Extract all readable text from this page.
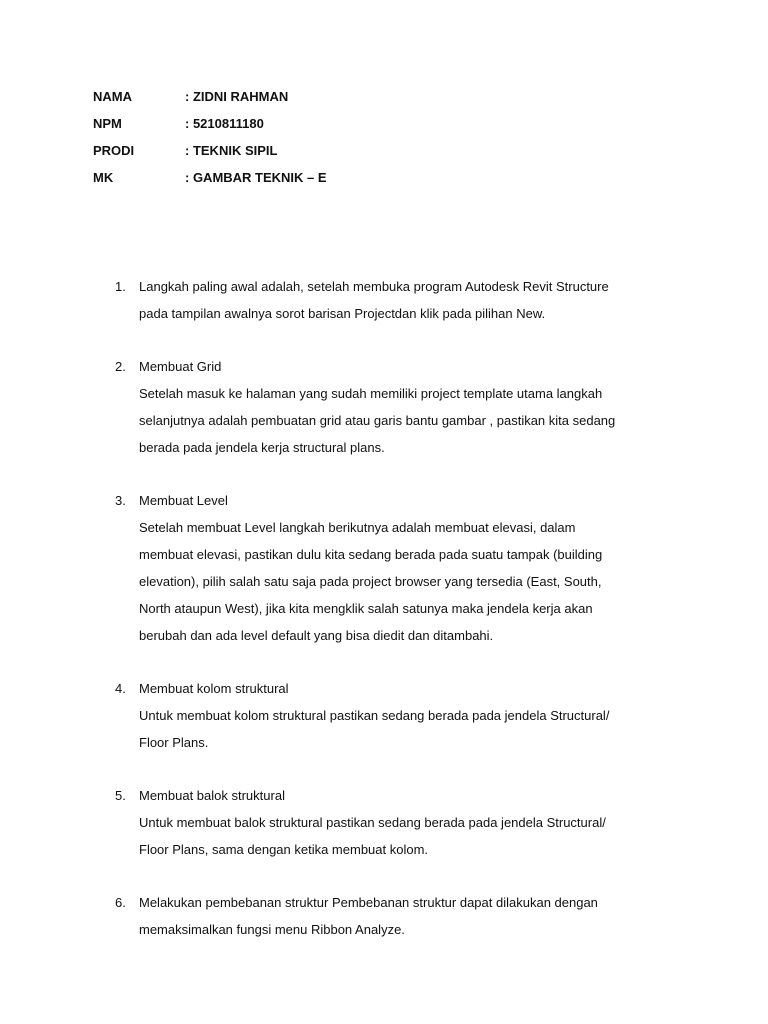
NAMA	: ZIDNI RAHMAN
NPM	: 5210811180
PRODI	: TEKNIK SIPIL
MK	: GAMBAR TEKNIK – E
1. Langkah paling awal adalah, setelah membuka program Autodesk Revit Structure
pada tampilan awalnya sorot barisan Projectdan klik pada pilihan New.
2. Membuat Grid
Setelah masuk ke halaman yang sudah memiliki project template utama langkah
selanjutnya adalah pembuatan grid atau garis bantu gambar , pastikan kita sedang
berada pada jendela kerja structural plans.
3. Membuat Level
Setelah membuat Level langkah berikutnya adalah membuat elevasi, dalam
membuat elevasi, pastikan dulu kita sedang berada pada suatu tampak (building
elevation), pilih salah satu saja pada project browser yang tersedia (East, South,
North ataupun West), jika kita mengklik salah satunya maka jendela kerja akan
berubah dan ada level default yang bisa diedit dan ditambahi.
4. Membuat kolom struktural
Untuk membuat kolom struktural pastikan sedang berada pada jendela Structural/
Floor Plans.
5. Membuat balok struktural
Untuk membuat balok struktural pastikan sedang berada pada jendela Structural/
Floor Plans, sama dengan ketika membuat kolom.
6. Melakukan pembebanan struktur Pembebanan struktur dapat dilakukan dengan
memaksimalkan fungsi menu Ribbon Analyze.
